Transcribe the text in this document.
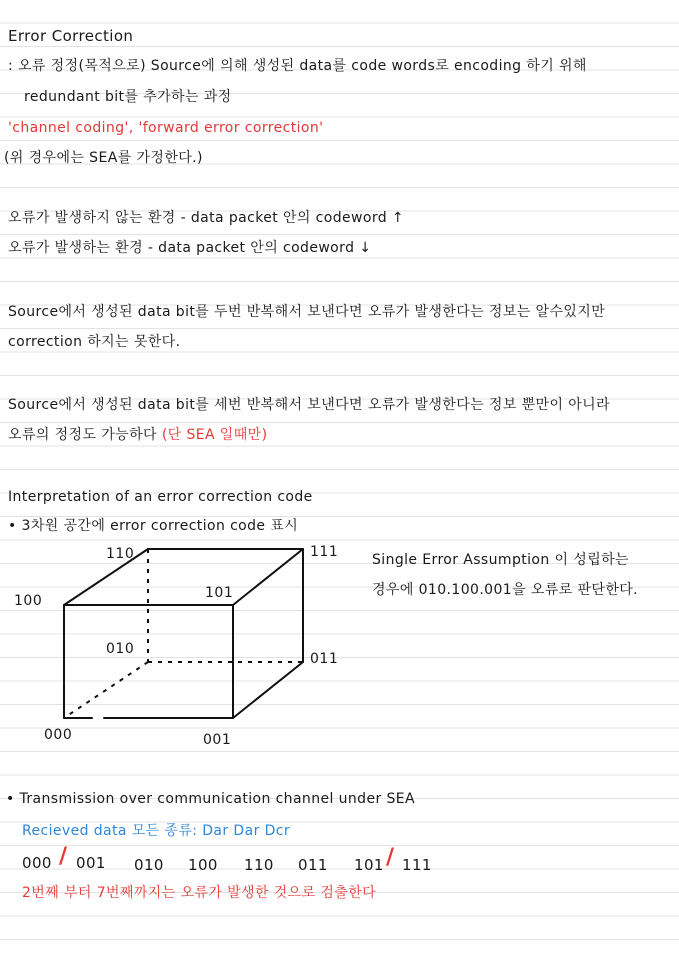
Error Correction
: 오류 정정(목적으로) Source에 의해 생성된 data를 code words로 encoding 하기 위해
redundant bit를 추가하는 과정
'channel coding', 'forward error correction'
(위 경우에는 SEA를 가정한다.)
오류가 발생하지 않는 환경 - data packet 안의 codeword ↑
오류가 발생하는 환경 - data packet 안의 codeword ↓
Source에서 생성된 data bit를 두번 반복해서 보낸다면 오류가 발생한다는 정보는 알수있지만
correction 하지는 못한다.
Source에서 생성된 data bit를 세번 반복해서 보낸다면 오류가 발생한다는 정보 뿐만이 아니라
오류의 정정도 가능하다 (단 SEA 일때만)
Interpretation of an error correction code
• 3차원 공간에 error correction code 표시
Single Error Assumption 이 성립하는
경우에 010.100.001을 오류로 판단한다.
110	111
100	101
010
011
000	001
• Transmission over communication channel under SEA
Recieved data 모든 종류: Dar Dar Dcr
000 / 001 010 100 110 011 101 / 111
2번째 부터 7번째까지는 오류가 발생한 것으로 검출한다
